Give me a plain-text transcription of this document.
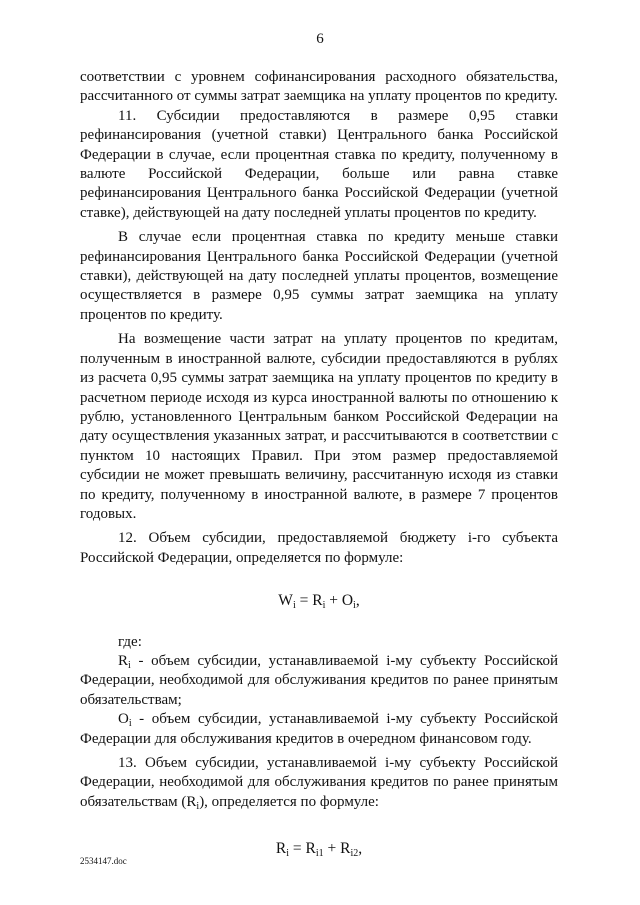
6

соответствии с уровнем софинансирования расходного обязательства, рассчитанного от суммы затрат заемщика на уплату процентов по кредиту.

11. Субсидии предоставляются в размере 0,95 ставки рефинансирования (учетной ставки) Центрального банка Российской Федерации в случае, если процентная ставка по кредиту, полученному в валюте Российской Федерации, больше или равна ставке рефинансирования Центрального банка Российской Федерации (учетной ставке), действующей на дату последней уплаты процентов по кредиту.

В случае если процентная ставка по кредиту меньше ставки рефинансирования Центрального банка Российской Федерации (учетной ставки), действующей на дату последней уплаты процентов, возмещение осуществляется в размере 0,95 суммы затрат заемщика на уплату процентов по кредиту.

На возмещение части затрат на уплату процентов по кредитам, полученным в иностранной валюте, субсидии предоставляются в рублях из расчета 0,95 суммы затрат заемщика на уплату процентов по кредиту в расчетном периоде исходя из курса иностранной валюты по отношению к рублю, установленного Центральным банком Российской Федерации на дату осуществления указанных затрат, и рассчитываются в соответствии с пунктом 10 настоящих Правил. При этом размер предоставляемой субсидии не может превышать величину, рассчитанную исходя из ставки по кредиту, полученному в иностранной валюте, в размере 7 процентов годовых.

12. Объем субсидии, предоставляемой бюджету i-го субъекта Российской Федерации, определяется по формуле:

$W_i = R_i + O_i$,

где:

$R_i$ - объем субсидии, устанавливаемой i-му субъекту Российской Федерации, необходимой для обслуживания кредитов по ранее принятым обязательствам;

$O_i$ - объем субсидии, устанавливаемой i-му субъекту Российской Федерации для обслуживания кредитов в очередном финансовом году.

13. Объем субсидии, устанавливаемой i-му субъекту Российской Федерации, необходимой для обслуживания кредитов по ранее принятым обязательствам $(R_i)$, определяется по формуле:

$R_i = R_{i1} + R_{i2}$,

2534147.doc
